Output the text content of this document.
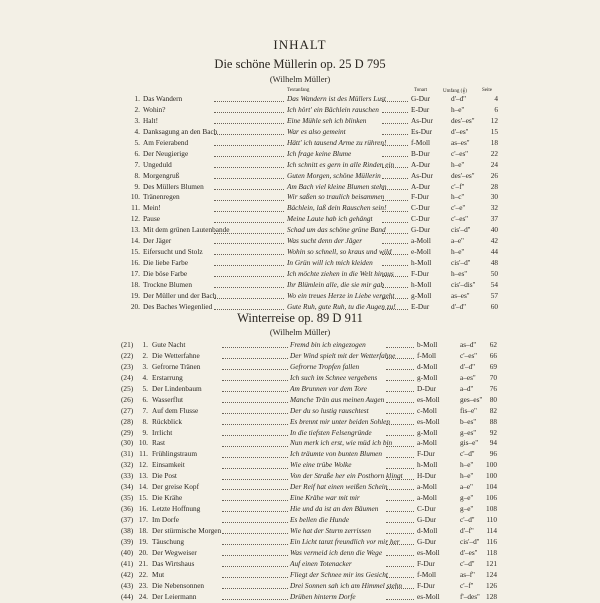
INHALT
Die schöne Müllerin op. 25 D 795
(Wilhelm Müller)
Textanfang	Tonart	Umfang (𝄞)	Seite
1. Das Wandern	Das Wandern ist des Müllers Lust	G-Dur	d'–d''	4
2. Wohin?	Ich hört' ein Bächlein rauschen	E-Dur	h–e''	6
3. Halt!	Eine Mühle seh ich blinken	As-Dur des'–es''	12
4. Danksagung an den Bach	War es also gemeint	Es-Dur	d'–es''	15
5. Am Feierabend	Hätt' ich tausend Arme zu rühren!	f-Moll	as–es''	18
6. Der Neugierige	Ich frage keine Blume	B-Dur	c'–es''	22
7. Ungeduld	Ich schnitt es gern in alle Rinden ein A-Dur	h–e''	24
8. Morgengruß	Guten Morgen, schöne Müllerin	As-Dur des'–es''	26
9. Des Müllers Blumen	Am Bach viel kleine Blumen stehn	A-Dur	c'–f''	28
10. Tränenregen	Wir saßen so traulich beisammen	F-Dur	h–c''	30
11. Mein!	Bächlein, laß dein Rauschen sein!	C-Dur	c'–e''	32
12. Pause	Meine Laute hab ich gehängt	C-Dur	c'–es''	37
13. Mit dem grünen Lautenbande	Schad um das schöne grüne Band	G-Dur	cis'–d''	40
14. Der Jäger	Was sucht denn der Jäger	a-Moll	a–e''	42
15. Eifersucht und Stolz	Wohin so schnell, so kraus und wild	e-Moll	h–e''	44
16. Die liebe Farbe	In Grün will ich mich kleiden	h-Moll	cis'–d''	48
17. Die böse Farbe	Ich möchte ziehen in die Welt hinaus F-Dur	h–es''	50
18. Trockne Blumen	Ihr Blümlein alle, die sie mir gab	h-Moll	cis'–dis''	54
19. Der Müller und der Bach	Wo ein treues Herze in Liebe vergeht g-Moll	as–es''	57
20. Des Baches Wiegenlied	Gute Ruh, gute Ruh, tu die Augen zu! E-Dur	d'–d''	60
Winterreise op. 89 D 911
(Wilhelm Müller)
(21)	1. Gute Nacht	Fremd bin ich eingezogen	b-Moll	as–d''	62
(22)	2. Die Wetterfahne	Der Wind spielt mit der Wetterfahne	f-Moll	c'–es''	66
(23)	3. Gefrorne Tränen	Gefrorne Tropfen fallen	d-Moll	d'–d''	69
(24)	4. Erstarrung	Ich such im Schnee vergebens	g-Moll	a–es''	70
(25)	5. Der Lindenbaum	Am Brunnen vor dem Tore	D-Dur	a–d''	76
(26)	6. Wasserflut	Manche Trän aus meinen Augen	es-Moll	ges–es''	80
(27)	7. Auf dem Flusse	Der du so lustig rauschtest	c-Moll	fis–e''	82
(28)	8. Rückblick	Es brennt mir unter beiden Sohlen	es-Moll	b–es''	88
(29)	9. Irrlicht	In die tiefsten Felsengründe	g-Moll	g–es''	92
(30) 10. Rast	Nun merk ich erst, wie müd ich bin	a-Moll	gis–e''	94
(31) 11. Frühlingstraum	Ich träumte von bunten Blumen	F-Dur	c'–d''	96
(32) 12. Einsamkeit	Wie eine trübe Wolke	h-Moll	h–e''	100
(33) 13. Die Post	Von der Straße her ein Posthorn klingt H-Dur	h–e''	100
(34) 14. Der greise Kopf	Der Reif hat einen weißen Schein	a-Moll	a–e''	104
(35) 15. Die Krähe	Eine Krähe war mit mir	a-Moll	g–e''	106
(36) 16. Letzte Hoffnung	Hie und da ist an den Bäumen	C-Dur	g–e''	108
(37) 17. Im Dorfe	Es bellen die Hunde	G-Dur	c'–d''	110
(38) 18. Der stürmische Morgen	Wie hat der Sturm zerrissen	d-Moll	d'–f''	114
(39) 19. Täuschung	Ein Licht tanzt freundlich vor mir her G-Dur	cis'–d'' 116
(40) 20. Der Wegweiser	Was vermeid ich denn die Wege	es-Moll	d'–es''	118
(41) 21. Das Wirtshaus	Auf einen Totenacker	F-Dur	c'–d''	121
(42) 22. Mut	Fliegt der Schnee mir ins Gesicht	f-Moll	as–f''	124
(43) 23. Die Nebensonnen	Drei Sonnen sah ich am Himmel stehn F-Dur	c'–f''	126
(44) 24. Der Leiermann	Drüben hinterm Dorfe	es-Moll	f'–des'' 128
